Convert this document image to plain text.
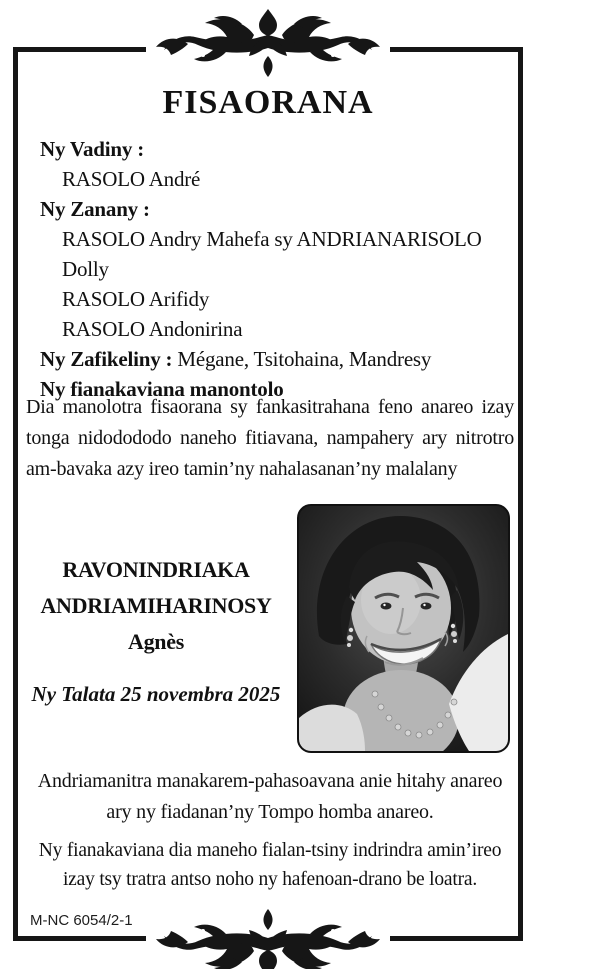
FISAORANA
Ny Vadiny :
RASOLO André
Ny Zanany :
RASOLO Andry Mahefa sy ANDRIANARISOLO Dolly
RASOLO Arifidy
RASOLO Andonirina
Ny Zafikeliny : Mégane, Tsitohaina, Mandresy
Ny fianakaviana manontolo
Dia manolotra fisaorana sy fankasitrahana feno anareo izay tonga nidodododo naneho fitiavana, nampahery ary nitrotro am-bavaka azy ireo tamin’ny nahalasanan’ny malalany
RAVONINDRIAKA
ANDRIAMIHARINOSY
Agnès
Ny Talata 25 novembra 2025
Andriamanitra manakarem-pahasoavana anie hitahy anareo ary ny fiadanan’ny Tompo homba anareo.
Ny fianakaviana dia maneho fialan-tsiny indrindra amin’ireo izay tsy tratra antso noho ny hafenoan-drano be loatra.
M-NC 6054/2-1
